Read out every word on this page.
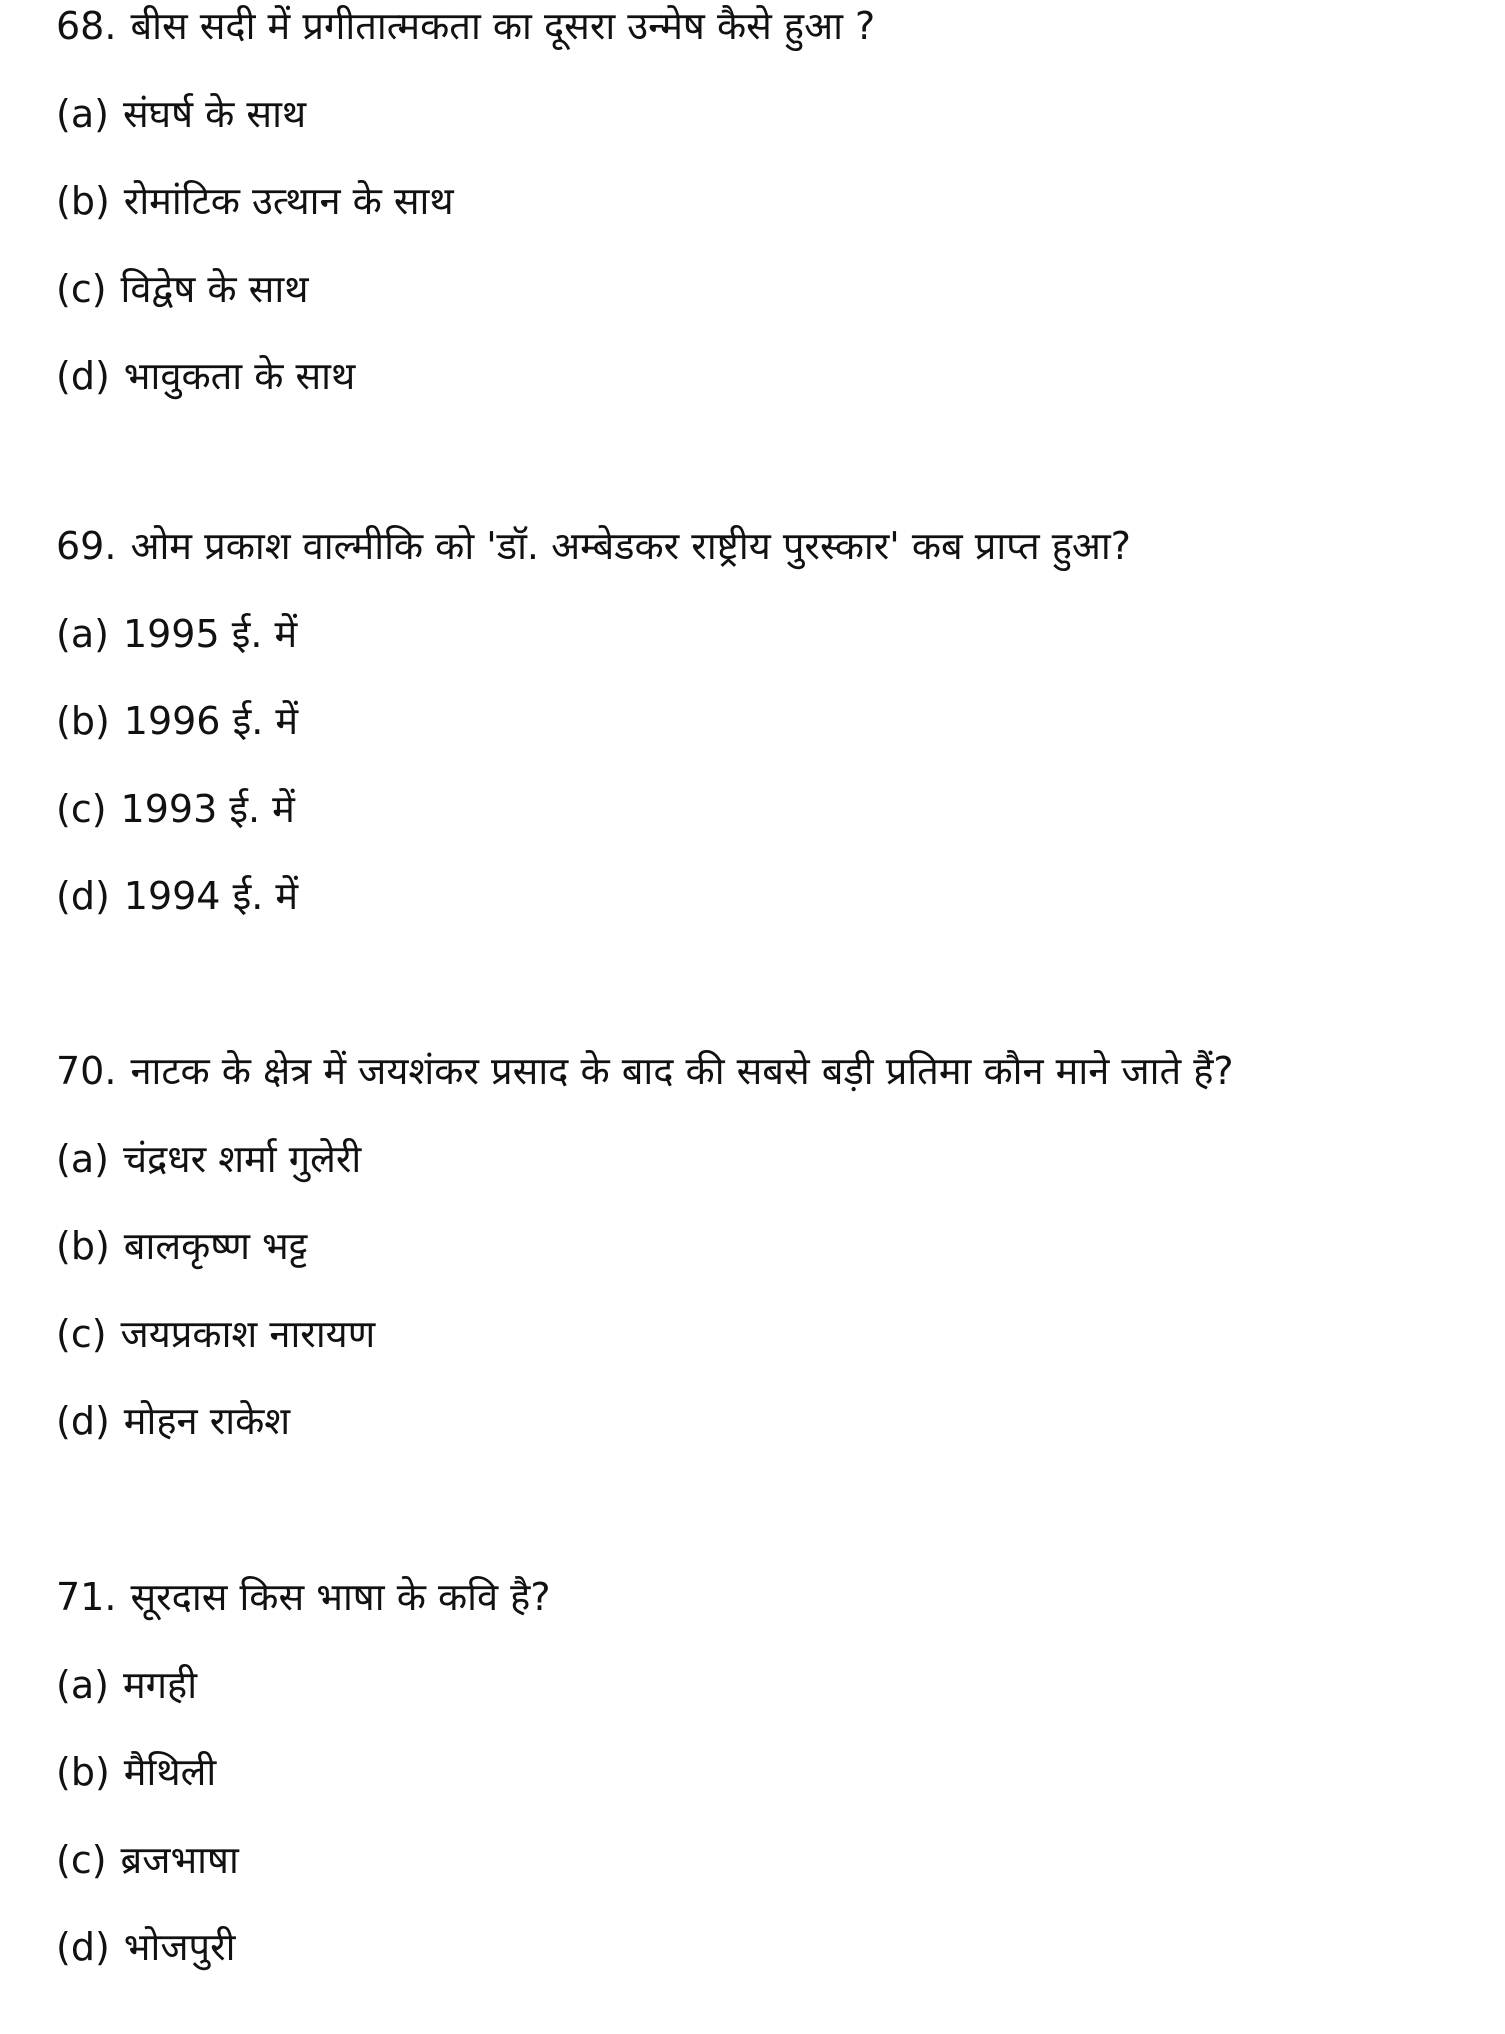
68. बीस सदी में प्रगीतात्मकता का दूसरा उन्मेष कैसे हुआ ?
(a) संघर्ष के साथ
(b) रोमांटिक उत्थान के साथ
(c) विद्वेष के साथ
(d) भावुकता के साथ
69. ओम प्रकाश वाल्मीकि को 'डॉ. अम्बेडकर राष्ट्रीय पुरस्कार' कब प्राप्त हुआ?
(a) 1995 ई. में
(b) 1996 ई. में
(c) 1993 ई. में
(d) 1994 ई. में
70. नाटक के क्षेत्र में जयशंकर प्रसाद के बाद की सबसे बड़ी प्रतिमा कौन माने जाते हैं?
(a) चंद्रधर शर्मा गुलेरी
(b) बालकृष्ण भट्ट
(c) जयप्रकाश नारायण
(d) मोहन राकेश
71. सूरदास किस भाषा के कवि है?
(a) मगही
(b) मैथिली
(c) ब्रजभाषा
(d) भोजपुरी
